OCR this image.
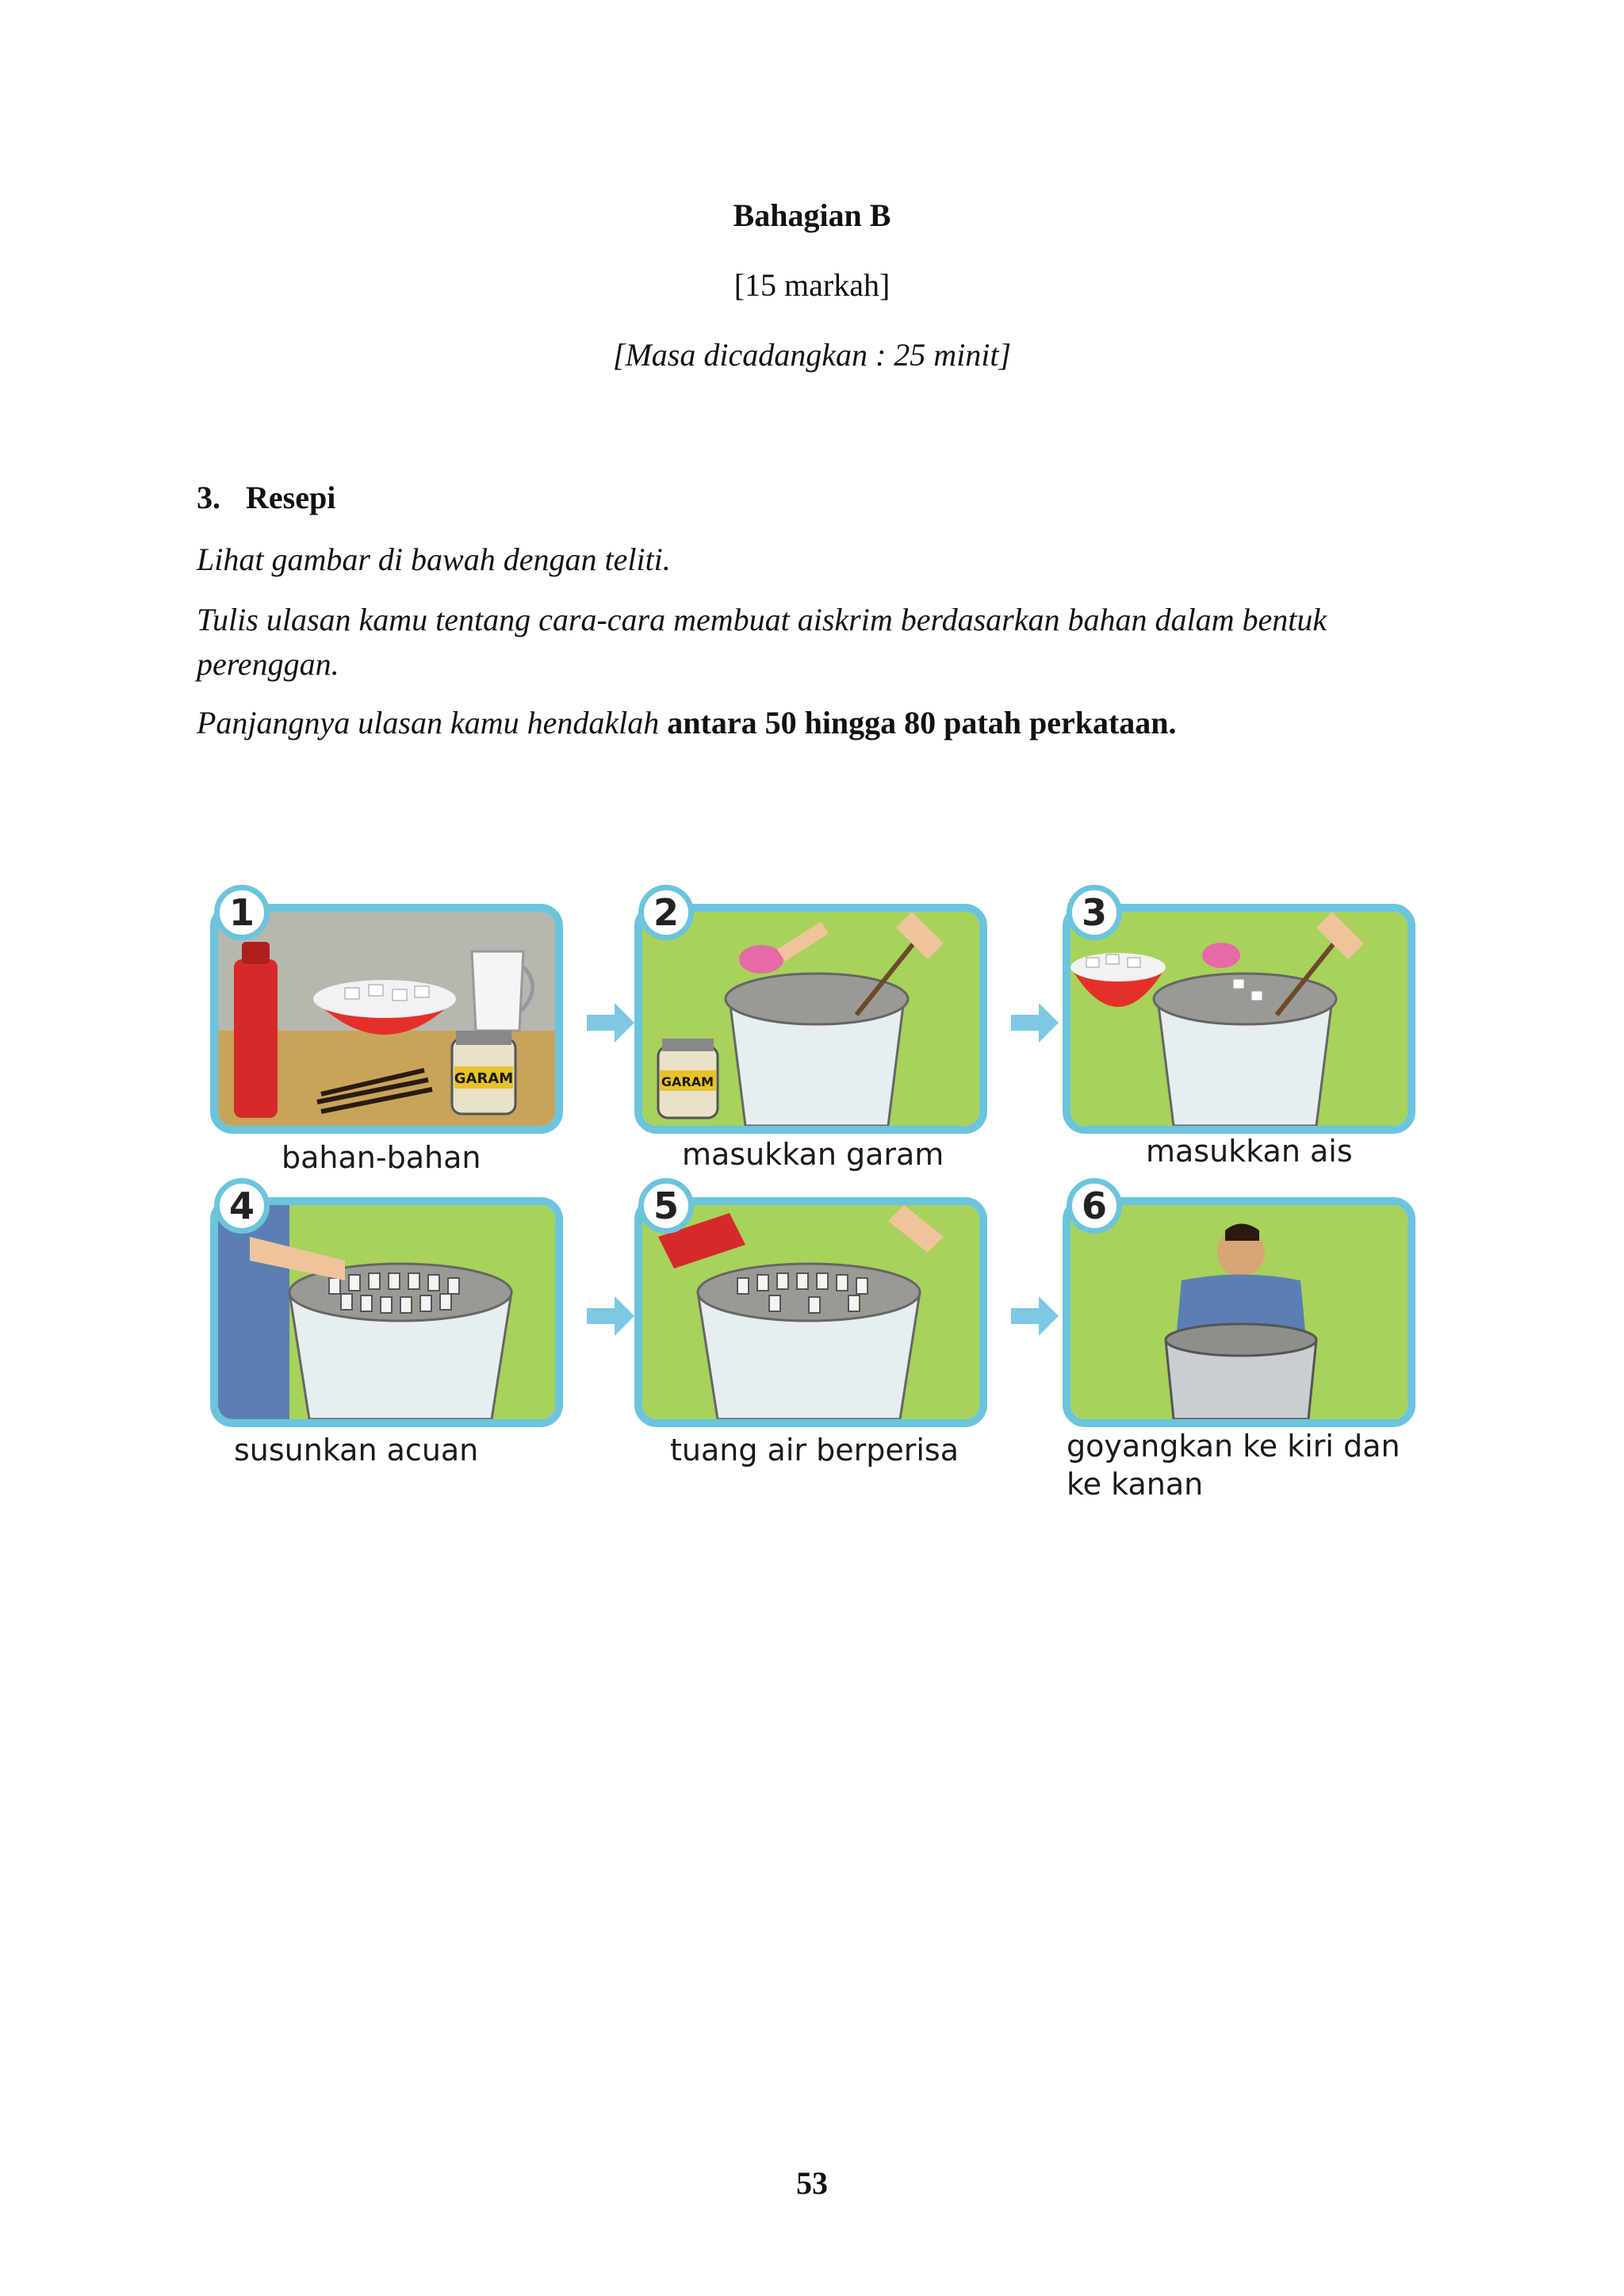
Bahagian B
[15 markah]
[Masa dicadangkan : 25 minit]
3. Resepi
Lihat gambar di bawah dengan teliti.
Tulis ulasan kamu tentang cara-cara membuat aiskrim berdasarkan bahan dalam bentuk perenggan.
Panjangnya ulasan kamu hendaklah antara 50 hingga 80 patah perkataan.
GARAM
1
GARAM
2	3
bahan-bahan	masukkan garam	masukkan ais
4	5	6
susunkan acuan	tuang air berperisa	goyangkan ke kiri dan ke kanan
53
